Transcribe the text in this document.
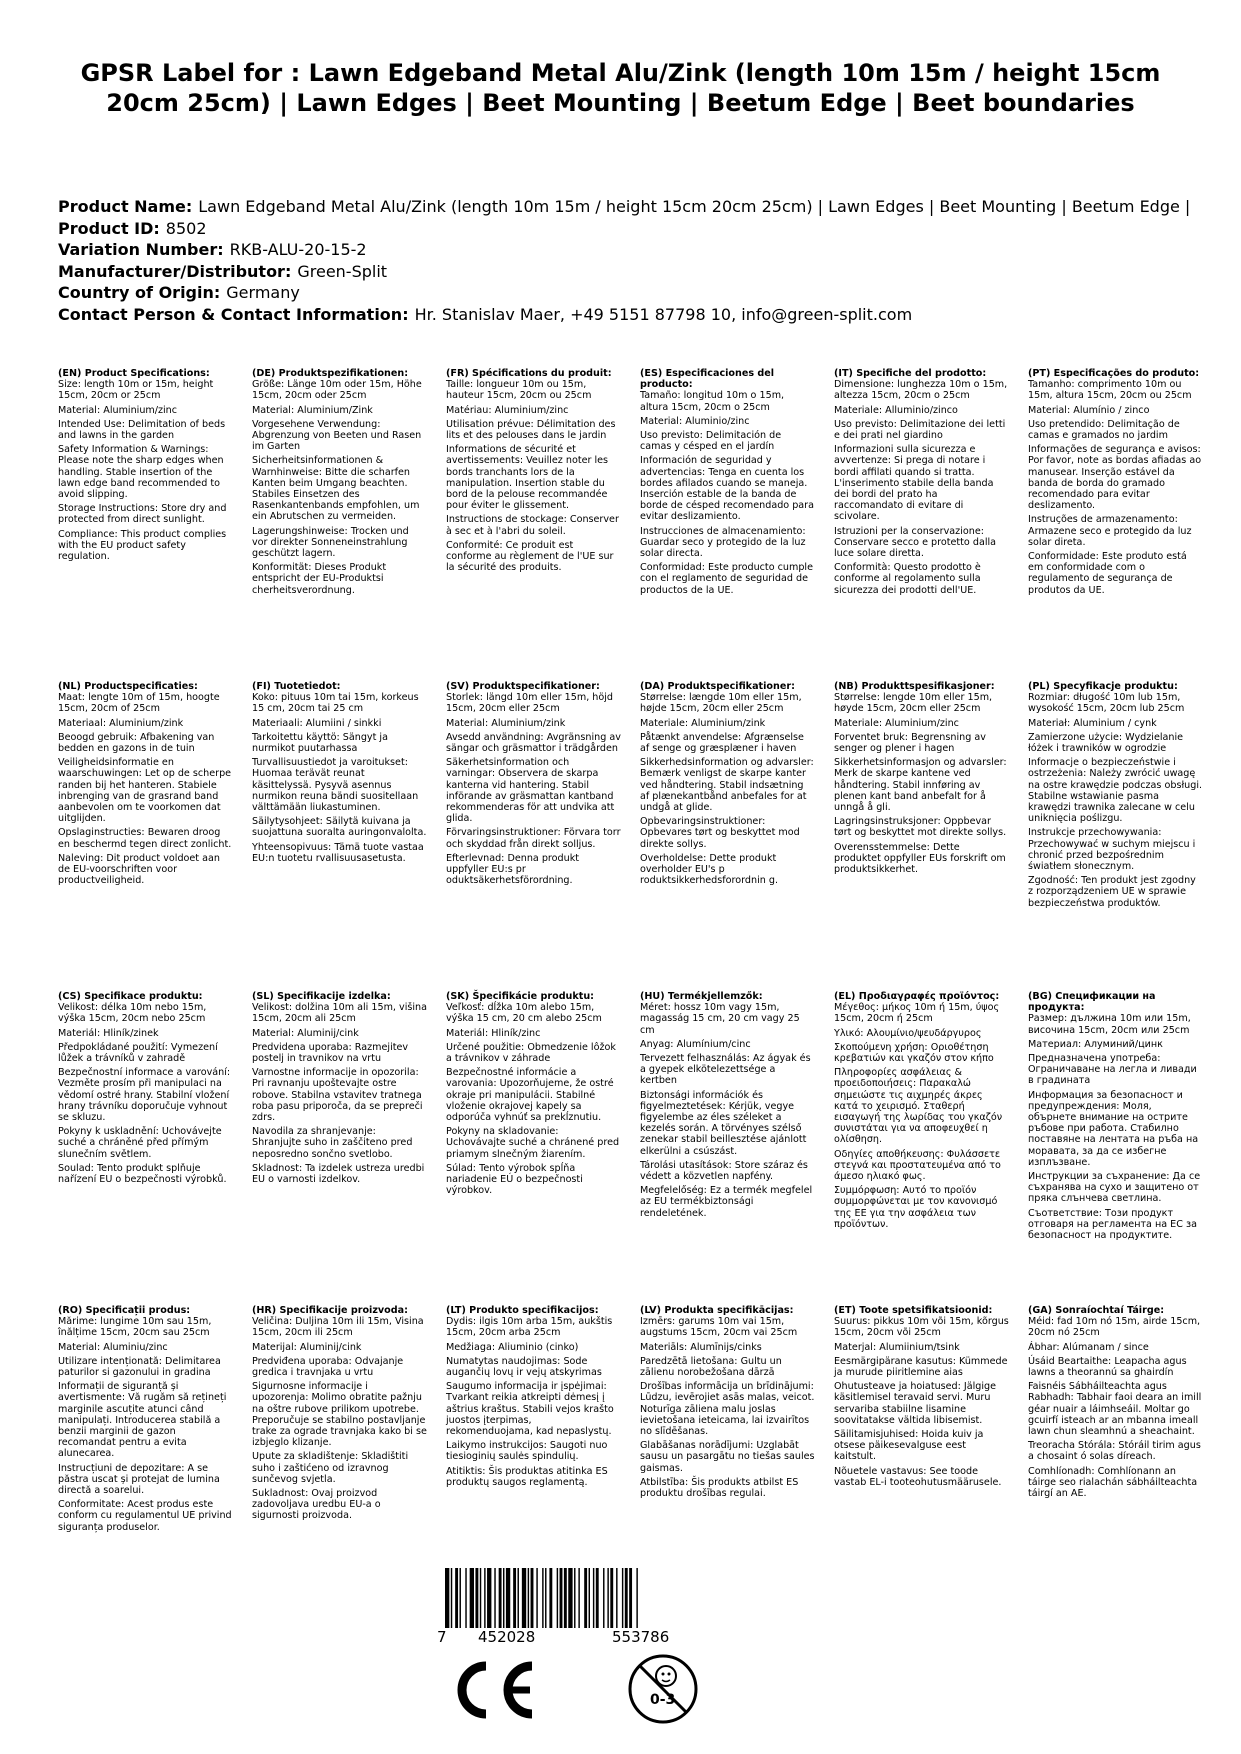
GPSR Label for : Lawn Edgeband Metal Alu/Zink (length 10m 15m / height 15cm 20cm 25cm) | Lawn Edges | Beet Mounting | Beetum Edge | Beet boundaries
Product Name: Lawn Edgeband Metal Alu/Zink (length 10m 15m / height 15cm 20cm 25cm) | Lawn Edges | Beet Mounting | Beetum Edge |
Product ID: 8502
Variation Number: RKB-ALU-20-15-2
Manufacturer/Distributor: Green-Split
Country of Origin: Germany
Contact Person & Contact Information: Hr. Stanislav Maer, +49 5151 87798 10, info@green-split.com
(EN) Product Specifications:
Size: length 10m or 15m, height 15cm, 20cm or 25cm
Material: Aluminium/zinc
Intended Use: Delimitation of beds and lawns in the garden
Safety Information & Warnings: Please note the sharp edges when handling. Stable insertion of the lawn edge band recommended to avoid slipping.
Storage Instructions: Store dry and protected from direct sunlight.
Compliance: This product complies with the EU product safety regulation.
(DE) Produktspezifikationen:
Größe: Länge 10m oder 15m, Höhe 15cm, 20cm oder 25cm
Material: Aluminium/Zink
Vorgesehene Verwendung: Abgrenzung von Beeten und Rasen im Garten
Sicherheitsinformationen & Warnhinweise: Bitte die scharfen Kanten beim Umgang beachten. Stabiles Einsetzen des Rasenkantenbands empfohlen, um ein Abrutschen zu vermeiden.
Lagerungshinweise: Trocken und vor direkter Sonneneinstrahlung geschützt lagern.
Konformität: Dieses Produkt entspricht der EU-Produktsi cherheitsverordnung.
(FR) Spécifications du produit:
Taille: longueur 10m ou 15m, hauteur 15cm, 20cm ou 25cm
Matériau: Aluminium/zinc
Utilisation prévue: Délimitation des lits et des pelouses dans le jardin
Informations de sécurité et avertissements: Veuillez noter les bords tranchants lors de la manipulation. Insertion stable du bord de la pelouse recommandée pour éviter le glissement.
Instructions de stockage: Conserver à sec et à l'abri du soleil.
Conformité: Ce produit est conforme au règlement de l'UE sur la sécurité des produits.
(ES) Especificaciones del producto:
Tamaño: longitud 10m o 15m, altura 15cm, 20cm o 25cm
Material: Aluminio/zinc
Uso previsto: Delimitación de camas y césped en el jardín
Información de seguridad y advertencias: Tenga en cuenta los bordes afilados cuando se maneja. Inserción estable de la banda de borde de césped recomendado para evitar deslizamiento.
Instrucciones de almacenamiento: Guardar seco y protegido de la luz solar directa.
Conformidad: Este producto cumple con el reglamento de seguridad de productos de la UE.
(IT) Specifiche del prodotto:
Dimensione: lunghezza 10m o 15m, altezza 15cm, 20cm o 25cm
Materiale: Alluminio/zinco
Uso previsto: Delimitazione dei letti e dei prati nel giardino
Informazioni sulla sicurezza e avvertenze: Si prega di notare i bordi affilati quando si tratta. L'inserimento stabile della banda dei bordi del prato ha raccomandato di evitare di scivolare.
Istruzioni per la conservazione: Conservare secco e protetto dalla luce solare diretta.
Conformità: Questo prodotto è conforme al regolamento sulla sicurezza dei prodotti dell'UE.
(PT) Especificações do produto:
Tamanho: comprimento 10m ou 15m, altura 15cm, 20cm ou 25cm
Material: Alumínio / zinco
Uso pretendido: Delimitação de camas e gramados no jardim
Informações de segurança e avisos: Por favor, note as bordas afiadas ao manusear. Inserção estável da banda de borda do gramado recomendado para evitar deslizamento.
Instruções de armazenamento: Armazene seco e protegido da luz solar direta.
Conformidade: Este produto está em conformidade com o regulamento de segurança de produtos da UE.
(NL) Productspecificaties:
Maat: lengte 10m of 15m, hoogte 15cm, 20cm of 25cm
Materiaal: Aluminium/zink
Beoogd gebruik: Afbakening van bedden en gazons in de tuin
Veiligheidsinformatie en waarschuwingen: Let op de scherpe randen bij het hanteren. Stabiele inbrenging van de grasrand band aanbevolen om te voorkomen dat uitglijden.
Opslaginstructies: Bewaren droog en beschermd tegen direct zonlicht.
Naleving: Dit product voldoet aan de EU-voorschriften voor productveiligheid.
(FI) Tuotetiedot:
Koko: pituus 10m tai 15m, korkeus 15 cm, 20cm tai 25 cm
Materiaali: Alumiini / sinkki
Tarkoitettu käyttö: Sängyt ja nurmikot puutarhassa
Turvallisuustiedot ja varoitukset: Huomaa terävät reunat käsittelyssä. Pysyvä asennus nurmikon reuna bändi suositellaan välttämään liukastuminen.
Säilytysohjeet: Säilytä kuivana ja suojattuna suoralta auringonvalolta.
Yhteensopivuus: Tämä tuote vastaa EU:n tuotetu rvallisuusasetusta.
(SV) Produktspecifikationer:
Storlek: längd 10m eller 15m, höjd 15cm, 20cm eller 25cm
Material: Aluminium/zink
Avsedd användning: Avgränsning av sängar och gräsmattor i trädgården
Säkerhetsinformation och varningar: Observera de skarpa kanterna vid hantering. Stabil införande av gräsmattan kantband rekommenderas för att undvika att glida.
Förvaringsinstruktioner: Förvara torr och skyddad från direkt solljus.
Efterlevnad: Denna produkt uppfyller EU:s pr oduktsäkerhetsförordning.
(DA) Produktspecifikationer:
Størrelse: længde 10m eller 15m, højde 15cm, 20cm eller 25cm
Materiale: Aluminium/zink
Påtænkt anvendelse: Afgrænselse af senge og græsplæner i haven
Sikkerhedsinformation og advarsler: Bemærk venligst de skarpe kanter ved håndtering. Stabil indsætning af plænekantbånd anbefales for at undgå at glide.
Opbevaringsinstruktioner: Opbevares tørt og beskyttet mod direkte sollys.
Overholdelse: Dette produkt overholder EU's p roduktsikkerhedsforordnin g.
(NB) Produkttspesifikasjoner:
Størrelse: lengde 10m eller 15m, høyde 15cm, 20cm eller 25cm
Materiale: Aluminium/zinc
Forventet bruk: Begrensning av senger og plener i hagen
Sikkerhetsinformasjon og advarsler: Merk de skarpe kantene ved håndtering. Stabil innføring av plenen kant band anbefalt for å unngå å gli.
Lagringsinstruksjoner: Oppbevar tørt og beskyttet mot direkte sollys.
Overensstemmelse: Dette produktet oppfyller EUs forskrift om produktsikkerhet.
(PL) Specyfikacje produktu:
Rozmiar: długość 10m lub 15m, wysokość 15cm, 20cm lub 25cm
Materiał: Aluminium / cynk
Zamierzone użycie: Wydzielanie łóżek i trawników w ogrodzie
Informacje o bezpieczeństwie i ostrzeżenia: Należy zwrócić uwagę na ostre krawędzie podczas obsługi. Stabilne wstawianie pasma krawędzi trawnika zalecane w celu uniknięcia poślizgu.
Instrukcje przechowywania: Przechowywać w suchym miejscu i chronić przed bezpośrednim światłem słonecznym.
Zgodność: Ten produkt jest zgodny z rozporządzeniem UE w sprawie bezpieczeństwa produktów.
(CS) Specifikace produktu:
Velikost: délka 10m nebo 15m, výška 15cm, 20cm nebo 25cm
Materiál: Hliník/zinek
Předpokládané použití: Vymezení lůžek a trávníků v zahradě
Bezpečnostní informace a varování: Vezměte prosím při manipulaci na vědomí ostré hrany. Stabilní vložení hrany trávníku doporučuje vyhnout se skluzu.
Pokyny k uskladnění: Uchovávejte suché a chráněné před přímým slunečním světlem.
Soulad: Tento produkt splňuje nařízení EU o bezpečnosti výrobků.
(SL) Specifikacije izdelka:
Velikost: dolžina 10m ali 15m, višina 15cm, 20cm ali 25cm
Material: Aluminij/cink
Predvidena uporaba: Razmejitev postelj in travnikov na vrtu
Varnostne informacije in opozorila: Pri ravnanju upoštevajte ostre robove. Stabilna vstavitev tratnega roba pasu priporoča, da se prepreči zdrs.
Navodila za shranjevanje: Shranjujte suho in zaščiteno pred neposredno sončno svetlobo.
Skladnost: Ta izdelek ustreza uredbi EU o varnosti izdelkov.
(SK) Špecifikácie produktu:
Veľkosť: dĺžka 10m alebo 15m, výška 15 cm, 20 cm alebo 25cm
Materiál: Hliník/zinc
Určené použitie: Obmedzenie lôžok a trávnikov v záhrade
Bezpečnostné informácie a varovania: Upozorňujeme, že ostré okraje pri manipulácii. Stabilné vloženie okrajovej kapely sa odporúča vyhnúť sa prekĺznutiu.
Pokyny na skladovanie: Uchovávajte suché a chránené pred priamym slnečným žiarením.
Súlad: Tento výrobok spĺňa nariadenie EÚ o bezpečnosti výrobkov.
(HU) Termékjellemzők:
Méret: hossz 10m vagy 15m, magasság 15 cm, 20 cm vagy 25 cm
Anyag: Alumínium/cinc
Tervezett felhasználás: Az ágyak és a gyepek elkötelezettsége a kertben
Biztonsági információk és figyelmeztetések: Kérjük, vegye figyelembe az éles széleket a kezelés során. A törvényes szélső zenekar stabil beillesztése ajánlott elkerülni a csúszást.
Tárolási utasítások: Store száraz és védett a közvetlen napfény.
Megfelelőség: Ez a termék megfelel az EU termékbiztonsági rendeletének.
(EL) Προδιαγραφές προϊόντος:
Μέγεθος: μήκος 10m ή 15m, ύψος 15cm, 20cm ή 25cm
Υλικό: Αλουμίνιο/ψευδάργυρος
Σκοπούμενη χρήση: Οριοθέτηση κρεβατιών και γκαζόν στον κήπο
Πληροφορίες ασφάλειας & προειδοποιήσεις: Παρακαλώ σημειώστε τις αιχμηρές άκρες κατά το χειρισμό. Σταθερή εισαγωγή της λωρίδας του γκαζόν συνιστάται για να αποφευχθεί η ολίσθηση.
Οδηγίες αποθήκευσης: Φυλάσσετε στεγνά και προστατευμένα από το άμεσο ηλιακό φως.
Συμμόρφωση: Αυτό το προϊόν συμμορφώνεται με τον κανονισμό της ΕΕ για την ασφάλεια των προϊόντων.
(BG) Спецификации на продукта:
Размер: дължина 10m или 15m, височина 15cm, 20cm или 25cm
Материал: Алуминий/цинк
Предназначена употреба: Ограничаване на легла и ливади в градината
Информация за безопасност и предупреждения: Моля, обърнете внимание на острите ръбове при работа. Стабилно поставяне на лентата на ръба на моравата, за да се избегне изплъзване.
Инструкции за съхранение: Да се съхранява на сухо и защитено от пряка слънчева светлина.
Съответствие: Този продукт отговаря на регламента на ЕС за безопасност на продуктите.
(RO) Specificații produs:
Mărime: lungime 10m sau 15m, înălțime 15cm, 20cm sau 25cm
Material: Aluminiu/zinc
Utilizare intenționată: Delimitarea paturilor si gazonului in gradina
Informații de siguranță și avertismente: Vă rugăm să rețineți marginile ascuțite atunci când manipulați. Introducerea stabilă a benzii marginii de gazon recomandat pentru a evita alunecarea.
Instrucțiuni de depozitare: A se păstra uscat și protejat de lumina directă a soarelui.
Conformitate: Acest produs este conform cu regulamentul UE privind siguranța produselor.
(HR) Specifikacije proizvoda:
Veličina: Duljina 10m ili 15m, Visina 15cm, 20cm ili 25cm
Materijal: Aluminij/cink
Predviđena uporaba: Odvajanje gredica i travnjaka u vrtu
Sigurnosne informacije i upozorenja: Molimo obratite pažnju na oštre rubove prilikom upotrebe. Preporučuje se stabilno postavljanje trake za ograde travnjaka kako bi se izbjeglo klizanje.
Upute za skladištenje: Skladištiti suho i zaštićeno od izravnog sunčevog svjetla.
Sukladnost: Ovaj proizvod zadovoljava uredbu EU-a o sigurnosti proizvoda.
(LT) Produkto specifikacijos:
Dydis: ilgis 10m arba 15m, aukštis 15cm, 20cm arba 25cm
Medžiaga: Aliuminio (cinko)
Numatytas naudojimas: Sode augančių lovų ir vejų atskyrimas
Saugumo informacija ir įspėjimai: Tvarkant reikia atkreipti dėmesį į aštrius kraštus. Stabili vejos krašto juostos įterpimas, rekomenduojama, kad nepaslystų.
Laikymo instrukcijos: Saugoti nuo tiesioginių saulės spindulių.
Atitiktis: Šis produktas atitinka ES produktų saugos reglamentą.
(LV) Produkta specifikācijas:
Izmērs: garums 10m vai 15m, augstums 15cm, 20cm vai 25cm
Materiāls: Alumīnijs/cinks
Paredzētā lietošana: Gultu un zālienu norobežošana dārzā
Drošības informācija un brīdinājumi: Lūdzu, ievērojiet asās malas, veicot. Noturīga zāliena malu joslas ievietošana ieteicama, lai izvairītos no slīdēšanas.
Glabāšanas norādījumi: Uzglabāt sausu un pasargātu no tiešas saules gaismas.
Atbilstība: Šis produkts atbilst ES produktu drošības regulai.
(ET) Toote spetsifikatsioonid:
Suurus: pikkus 10m või 15m, kõrgus 15cm, 20cm või 25cm
Materjal: Alumiinium/tsink
Eesmärgipärane kasutus: Kümmede ja murude piiritlemine aias
Ohutusteave ja hoiatused: Jälgige käsitlemisel teravaid servi. Muru servariba stabiilne lisamine soovitatakse vältida libisemist.
Säilitamisjuhised: Hoida kuiv ja otsese päikesevalguse eest kaitstult.
Nõuetele vastavus: See toode vastab EL-i tooteohutusmäärusele.
(GA) Sonraíochtaí Táirge:
Méid: fad 10m nó 15m, airde 15cm, 20cm nó 25cm
Ábhar: Alúmanam / since
Úsáid Beartaithe: Leapacha agus lawns a theorannú sa ghairdín
Faisnéis Sábháilteachta agus Rabhadh: Tabhair faoi deara an imill géar nuair a láimhseáil. Moltar go gcuirfí isteach ar an mbanna imeall lawn chun sleamhnú a sheachaint.
Treoracha Stórála: Stóráil tirim agus a chosaint ó solas díreach.
Comhlíonadh: Comhlíonann an táirge seo rialachán sábháilteachta táirgí an AE.
7 452028	553786
CE
0-3
